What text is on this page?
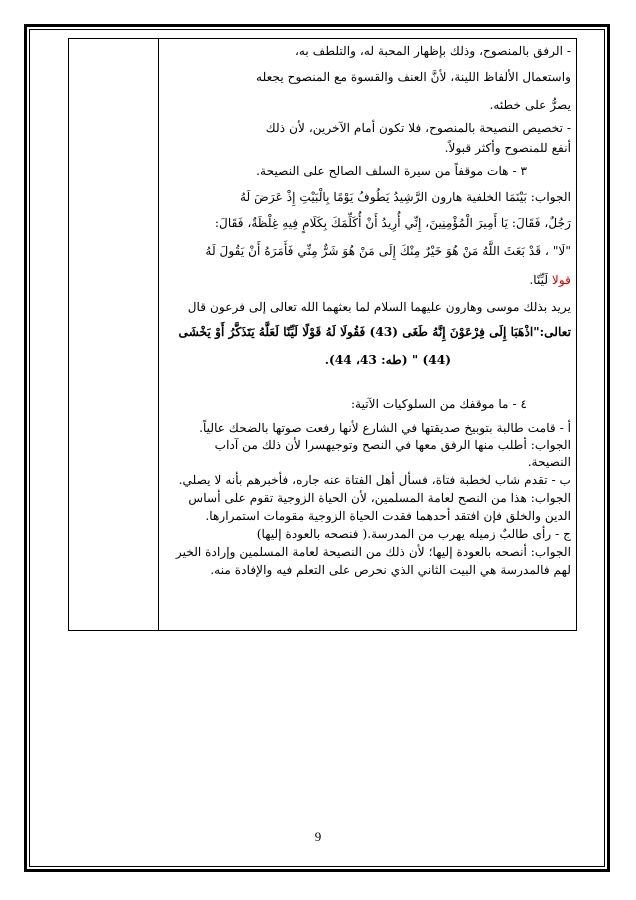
- الرفق بالمنصوح، وذلك بإظهار المحبة له، والتلطف به،

واستعمال الألفاظ اللينة، لأنَّ العنف والقسوة مع المنصوح يجعله

يصرُّ على خطئه.

- تخصيص النصيحة بالمنصوح، فلا تكون أمام الآخرين، لأن ذلك

أنفع للمنصوح وأكثر قبولاً.

٣ - هات موقفاً من سيرة السلف الصالح على النصيحة.

الجواب: بَيْنَمَا الخلفية هارون الرَّشِيدُ يَطُوفُ يَوْمًا بِالْبَيْتِ إِذْ عَرَضَ لَهُ

رَجُلٌ، فَقَالَ: يَا أَمِيرَ الْمُؤْمِنِينَ، إِنِّي أُرِيدُ أَنْ أُكَلِّمَكَ بِكَلَامٍ فِيهِ غِلْظَةٌ، فَقَالَ:

"لَا" ، قَدْ بَعَثَ اللَّهُ مَنْ هُوَ خَيْرٌ مِنْكَ إِلَى مَنْ هُوَ شَرٌّ مِنِّي فَأَمَرَهُ أَنْ يَقُولَ لَهُ

قولا لَيِّنًا.

يريد بذلك موسى وهارون عليهما السلام لما بعثهما الله تعالى إلى فرعون قال

تعالى:"اذْهَبَا إِلَى فِرْعَوْنَ إِنَّهُ طَغَى (43) فَقُولَا لَهُ قَوْلًا لَيِّنًا لَعَلَّهُ يَتَذَكَّرُ أَوْ يَخْشَى

(44) " (طه: 43، 44).

٤ - ما موقفك من السلوكيات الآتية:

أ - قامت طالبة بتوبيخ صديقتها في الشارع لأنها رفعت صوتها بالضحك عالياً.

الجواب: أطلب منها الرفق معها في النصح وتوجيهسرا لأن ذلك من آداب

النصيحة.

ب - تقدم شاب لخطبة فتاة، فسأل أهل الفتاة عنه جاره، فأخبرهم بأنه لا يصلي.

الجواب: هذا من النصح لعامة المسلمين، لأن الحياة الزوجية تقوم على أساس

الدين والخلق فإن افتقد أحدهما فقدت الحياة الزوجية مقومات استمرارها.

ج - رأى طالبٌ زميله يهرب من المدرسة.( فنصحه بالعودة إليها)

الجواب: أنصحه بالعودة إليها؛ لأن ذلك من النصيحة لعامة المسلمين وإرادة الخير

لهم فالمدرسة هي البيت الثاني الذي نحرص على التعلم فيه والإفادة منه.

9
